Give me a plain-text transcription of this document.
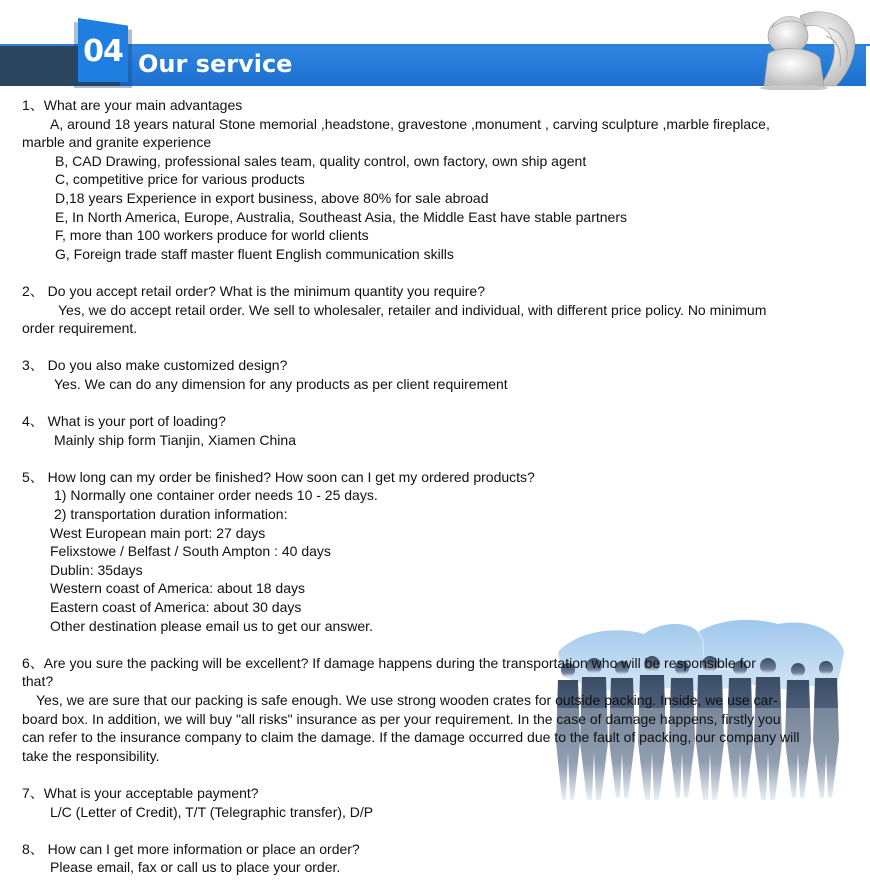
04 Our service

1、What are your main advantages

A, around 18 years natural Stone memorial ,headstone, gravestone ,monument , carving sculpture ,marble fireplace,

marble and granite experience

B, CAD Drawing, professional sales team, quality control, own factory, own ship agent

C, competitive price for various products

D,18 years Experience in export business, above 80% for sale abroad

E, In North America, Europe, Australia, Southeast Asia, the Middle East have stable partners

F, more than 100 workers produce for world clients

G, Foreign trade staff master fluent English communication skills

2、 Do you accept retail order? What is the minimum quantity you require?

Yes, we do accept retail order. We sell to wholesaler, retailer and individual, with different price policy. No minimum

order requirement.

3、 Do you also make customized design?

Yes. We can do any dimension for any products as per client requirement

4、 What is your port of loading?

Mainly ship form Tianjin, Xiamen China

5、 How long can my order be finished? How soon can I get my ordered products?

1) Normally one container order needs 10 - 25 days.

2) transportation duration information:

West European main port: 27 days

Felixstowe / Belfast / South Ampton : 40 days

Dublin: 35days

Western coast of America: about 18 days

Eastern coast of America: about 30 days

Other destination please email us to get our answer.

6、Are you sure the packing will be excellent? If damage happens during the transportation who will be responsible for

that?

Yes, we are sure that our packing is safe enough. We use strong wooden crates for outside packing. Inside, we use car-

board box. In addition, we will buy "all risks" insurance as per your requirement. In the case of damage happens, firstly you

can refer to the insurance company to claim the damage. If the damage occurred due to the fault of packing, our company will

take the responsibility.

7、What is your acceptable payment?

L/C (Letter of Credit), T/T (Telegraphic transfer), D/P

8、 How can I get more information or place an order?

Please email, fax or call us to place your order.
